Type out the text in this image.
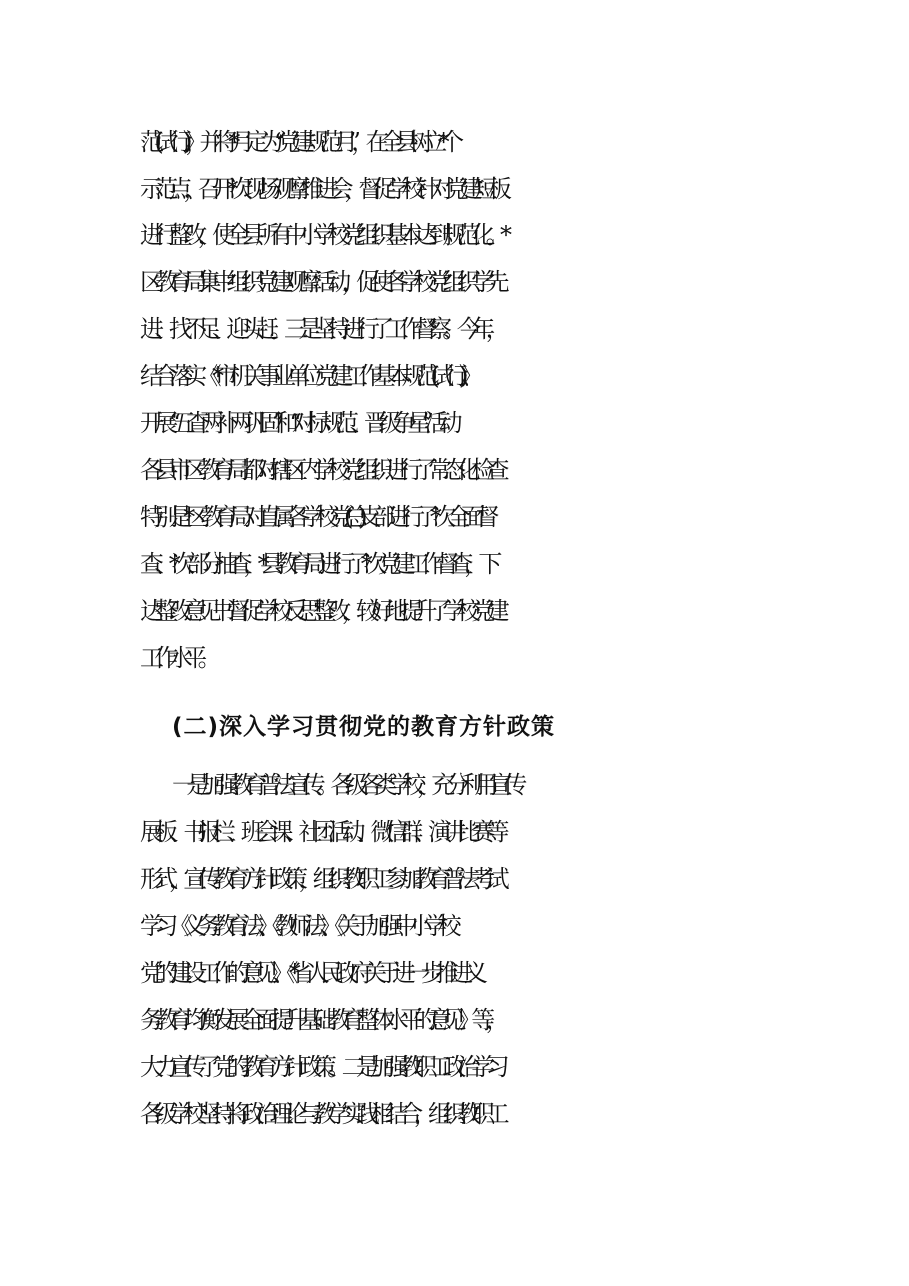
范(试行)》，并将*月定为“党建规范月”，在全县树立*个
示范点，召开*次现场观摩推进会，督促学校针对党建短板
进行整改，使全县所有中小学校党组织基本达到规范化。*
区教育局集中组织党建观摩活动，促使各学校党组织学先
进、找不足、迎头赶。三是坚持进行了工作督察。今年，
结合落实《*市机关事业单位党建工作基本规范(试行)》、
开展“五查两补两巩固”和“对标规范、晋级争星”活动
各县市区教育局都对辖区内学校党组织进行了常态化检查
特别是*区教育局对直属各学校党(总)支部进行了*次全面督
查、*次部分抽查，*县教育局进行了*次党建工作督查，下
达整改意见书督促学校反思整改，较好地提升了学校党建
工作水平。
(二)深入学习贯彻党的教育方针政策
一是加强教育普法宣传。各级各类学校，充分利用宣传
展板、书报栏、班会课、社团活动、微信群、演讲比赛等
形式，宣传教育方针政策，组织教职工参加教育普法考试
学习《义务教育法》、《教师法》、《关于加强中小学校
党的建设工作的意见》、《*省人民政府关于进一步推进义
务教育均衡发展全面提升基础教育整体水平的意见》等，
大力宣传了党的教育方针政策。二是加强教职工政治学习
各级学校坚持将政治理论与教学实践相结合，组织教职工
